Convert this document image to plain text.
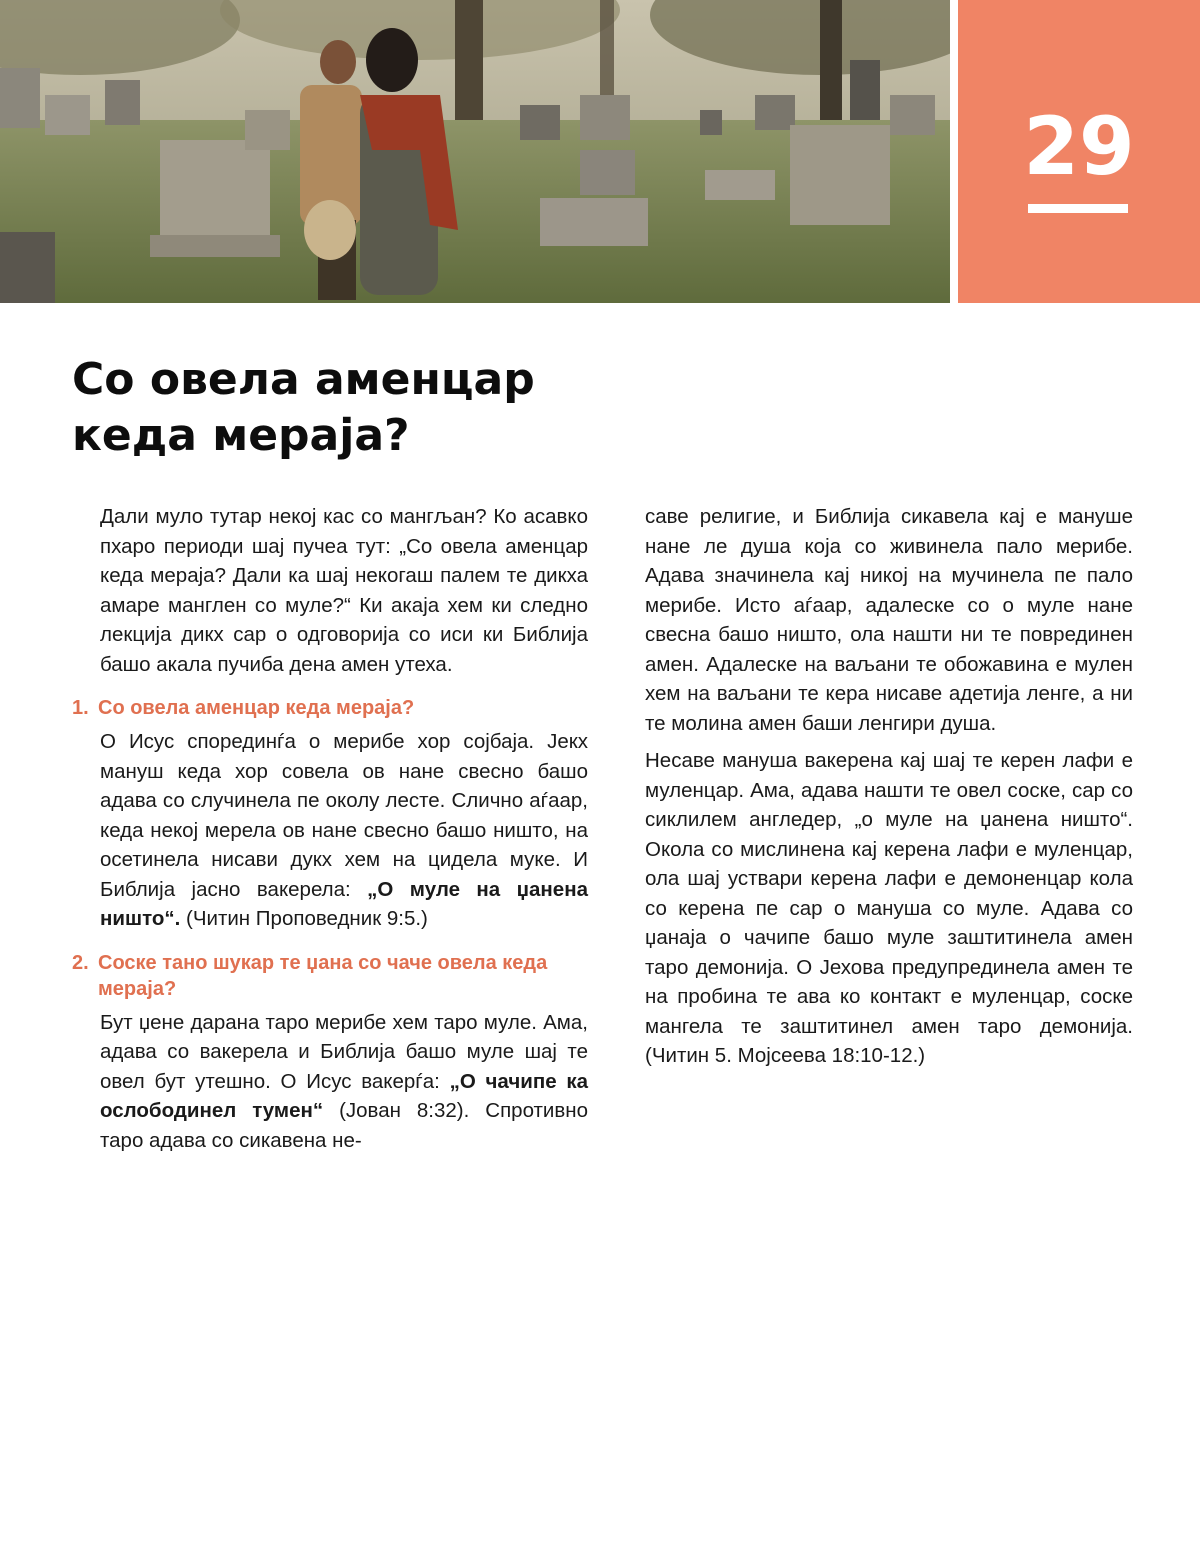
29
Со овела аменцар кеда мераја?

Дали муло тутар некој кас со мангљан? Ко асавко пхаро периоди шај пучеа тут: „Со овела аменцар кеда мераја? Дали ка шај некогаш палем те дикха амаре манглен со муле?“ Ки акаја хем ки следно лекција дикх сар о одговорија со иси ки Библија башо акала пучиба дена амен утеха.

1. Со овела аменцар кеда мераја?

О Исус спорединѓа о мерибе хор сојбаја. Јекх мануш кеда хор совела ов нане свесно башо адава со случинела пе околу лесте. Слично аѓаар, кеда некој мерела ов нане свесно башо ништо, на оcетинела нисави дукх хем на циделa муке. И Библија јасно вакерела: „О муле на џанена ништо“. (Читин Проповедник 9:5.)

2. Соске тано шукар те џана со чаче овела кеда мераја?

Бут џене дарана таро мерибе хем таро муле. Ама, адава со вакерела и Библија башо муле шај те овел бут утешно. О Исус вакерѓа: „О чачипе ка ослободинел тумен“ (Јован 8:32). Спротивно таро адава со сикавена не-

саве религие, и Библија сикавела кај е мануше нане ле душа која со живинела пало мерибе. Адава значинела кај никој на мучинела пе пало мерибе. Исто аѓаар, адалеске со о муле нане свесна башо ништо, ола нашти ни те поврединен амен. Адалеске на ваљани те обожавина е мулен хем на ваљани те кера нисаве адетија ленге, а ни те молина амен баши ленгири душа.

Несаве мануша вакерена кај шај те керен лафи е муленцар. Ама, адава нашти те овел соске, сар со сиклилем англедер, „о муле на џанена ништо“. Окола со мислинена кај керена лафи е муленцар, ола шај уствари керена лафи е демоненцар кола со керена пе сар о мануша со муле. Адава со џанаја о чачипе башо муле заштитинела амен таро демонија. О Јехова предупрединела амен те на пробина те ава ко контакт е муленцар, соске мангела те заштитинел амен таро демонија. (Читин 5. Мојсеева 18:10-12.)
